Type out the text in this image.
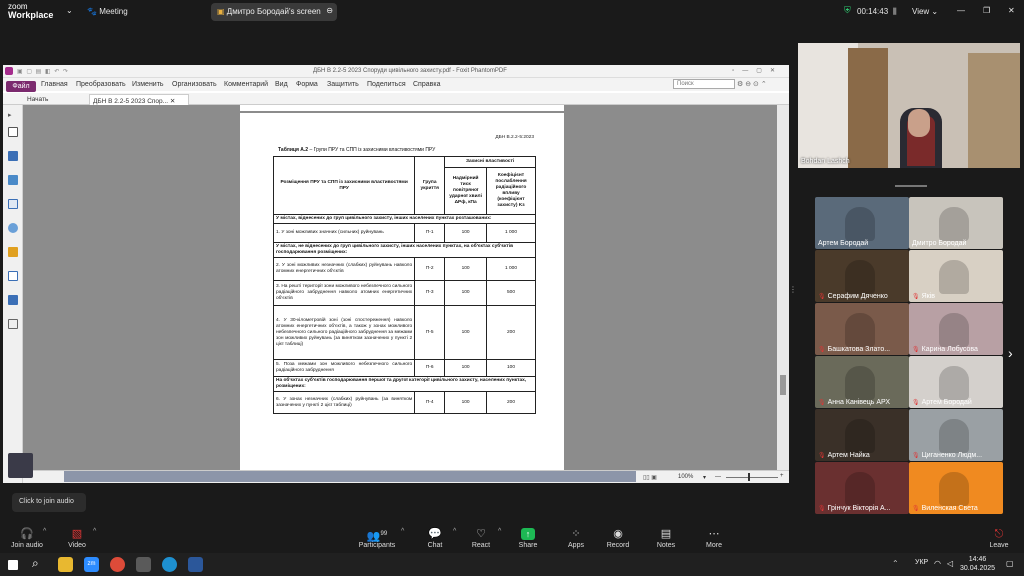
zoom
Workplace ⌄ 🐾 Meeting	▣ Дмитро Бородай's screen ⊖	⛨ 00:14:43 ⫼ View ⌄ — ❐ ✕
▣ ▢ ▤ ◧ ↶ ↷	ДБН В 2.2-5 2023 Споруди цивільного захисту.pdf - Foxit PhantomPDF	▫—▢✕
Файл	Главная Преобразовать Изменить Организовать Комментарий Вид Форма Защитить Поделиться Справка	Поиск	⚙ ⊖ ⊙ ⌃
Начать	ДБН В 2.2-5 2023 Спор... ✕
▸
ДБН В.2.2-5:2023
Таблиця А.2 – Групи ПРУ та СПП із захисними властивостями ПРУ
Розміщення ПРУ та СПП із захисними властивостями ПРУ	Група укриття	Захисні властивості	
		Надмірний тиск повітряної ударної хвилі ΔPф, кПа	Коефіцієнт послаблення радіаційного впливу (коефіцієнт захисту) Kз
У містах, віднесених до груп цивільного захисту, інших населених пунктах розташованих:			
1. У зоні можливих значних (сильних) руйнувань	П-1	100	1 000
У містах, не віднесених до груп цивільного захисту, інших населених пунктах, на об'єктах суб'єктів господарювання розміщених:			
2. У зоні можливих незначних (слабких) руйнувань навколо атомних енергетичних об'єктів	П-2	100	1 000
3. На решті території зони можливого небезпечного сильного радіаційного забруднення навколо атомних енергетичних об'єктів	П-3	100	500
4. У 30-кілометровій зоні (зоні спостереження) навколо атомних енергетичних об'єктів, а також у зонах можливого небезпечного сильного радіаційного забруднення за межами зон можливих руйнувань (за винятком зазначених у пункті 2 цієї таблиці)	П-5	100	200
5. Поза межами зон можливого небезпечного сильного радіаційного забруднення	П-6	100	100
На об'єктах суб'єктів господарювання першої та другої категорії цивільного захисту, населених пунктах, розміщених:			
6. У зонах незначних (слабких) руйнувань (за винятком зазначених у пункті 2 цієї таблиці)	П-4	100	200
▯▯ ▣	100% ▾ —	+
Click to join audio
Bohdan Lashch
Артем Бородай	Дмитро Бородай
🎙 Серафим Дяченко	🎙 Яків
🎙 Башкатова Злато...	🎙 Карина Лобусова
🎙 Анна Канівець АРХ	🎙 Артем Бородай
🎙 Артем Найка	🎙 Циганенко Людм...
🎙 Грінчук Вікторія А...	🎙 Виленская Света
›
⋮
🎧
Join audio
^	▧
Video
^	👥$^{99}$
Participants
^	💬
Chat
^	♡
React
^	↑
Share
⁘
Apps
◉
Record
▤
Notes
⋯
More
⎋
Leave
⌕	zm	⌃ УКР ◠ ◁	14:46
30.04.2025
▢
